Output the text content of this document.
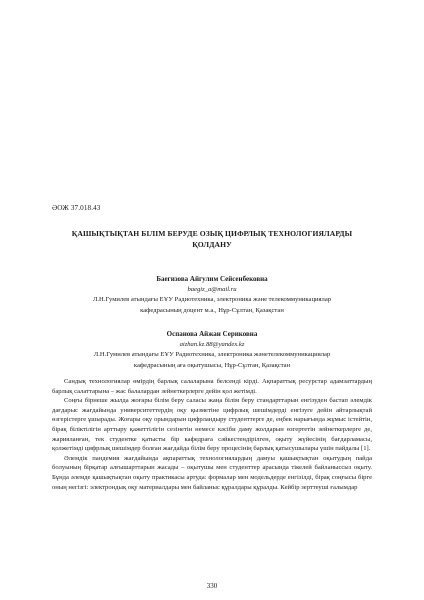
ӘОЖ 37.018.43
ҚАШЫҚТЫҚТАН БІЛІМ БЕРУДЕ ОЗЫҚ ЦИФРЛЫҚ ТЕХНОЛОГИЯЛАРДЫ
ҚОЛДАНУ
Баегизова Айгулим Сейсенбековна
baegiz_a@mail.ru
Л.Н.Гумилев атындағы ЕҰУ Радиотехника, электроника және телекоммуникациялар
кафедрасының доцент м.а., Нұр-Сұлтан, Қазақстан
Оспанова Айжан Сериковна
aizhan.kz.88@yandex.kz
Л.Н.Гумилев атындағы ЕҰУ Радиотехника, электроника жәнетелекоммуникациялар
кафедрасының аға оқытушысы, Нұр-Сұлтан, Қазақстан

Сандық технологиялар өмірдің барлық салаларына белсенді кірді. Ақпараттық ресурстар адамзаттардың барлық салаттарына – жас балалардан зейнеткерлерге дейін қол жетімді.

Соңғы бірнеше жылда жоғары білім беру саласы жаңа білім беру стандарттарын енгізуден бастап әлемдік дағдарыс жағдайында университеттердің оқу қызметіне цифрлық шешімдерді енгізуге дейін айтарлықтай өзгерістерге ұшырады. Жоғары оқу орындарын цифрландыру студенттерге де, еңбек нарығында жұмыс істейтін, бірақ біліктілігін арттыру қажеттілігін сезінетін немесе кәсіби даму жолдарын өзгертетін зейнеткерлерге де, жарияланған, тек студентке қатысты бір кафедраға сәйкестендірілген, оқыту жүйесінің бағдарламасы, қолжетімді цифрлық шешімдер болған жағдайда білім беру процесінің барлық қатысушылары үшін пайдалы [1].

Әлемдік пандемия жағдайында ақпараттық технологиялардың дамуы қашықтықтан оқытудың пайда болуының бірқатар алғышарттарын жасады – оқытушы мен студенттер арасында тікелей байланыссыз оқыту. Бұнда әлемде қашықтықтан оқыту практикасы артуда: формалар мен модельдерде енгізілді, бірақ соңғысы бірге оның негізгі: электрондық оқу материалдары мен байланыс құралдары құралды. Кейбір зерттеуші ғалымдар

330
